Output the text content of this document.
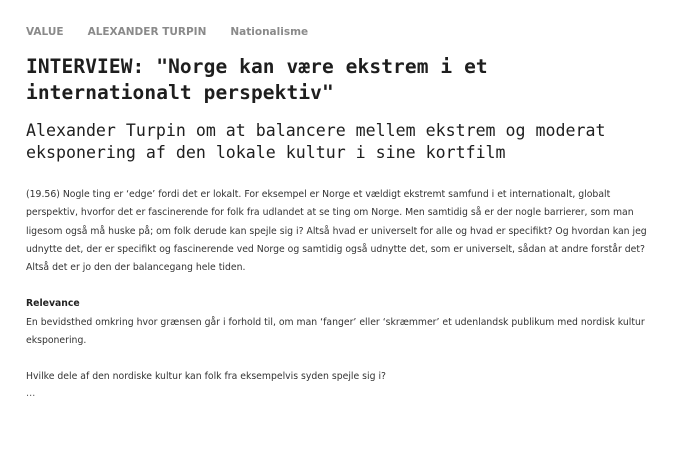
VALUE ALEXANDER TURPIN Nationalisme
INTERVIEW: "Norge kan være ekstrem i et internationalt perspektiv"
Alexander Turpin om at balancere mellem ekstrem og moderat eksponering af den lokale kultur i sine kortfilm

(19.56) Nogle ting er ‘edge’ fordi det er lokalt. For eksempel er Norge et vældigt ekstremt samfund i et internationalt, globalt perspektiv, hvorfor det er fascinerende for folk fra udlandet at se ting om Norge. Men samtidig så er der nogle barrierer, som man ligesom også må huske på; om folk derude kan spejle sig i? Altså hvad er universelt for alle og hvad er specifikt? Og hvordan kan jeg udnytte det, der er specifikt og fascinerende ved Norge og samtidig også udnytte det, som er universelt, sådan at andre forstår det? Altså det er jo den der balancegang hele tiden.

Relevance

En bevidsthed omkring hvor grænsen går i forhold til, om man ‘fanger’ eller ‘skræmmer’ et udenlandsk publikum med nordisk kultur eksponering.

Hvilke dele af den nordiske kultur kan folk fra eksempelvis syden spejle sig i?

…
